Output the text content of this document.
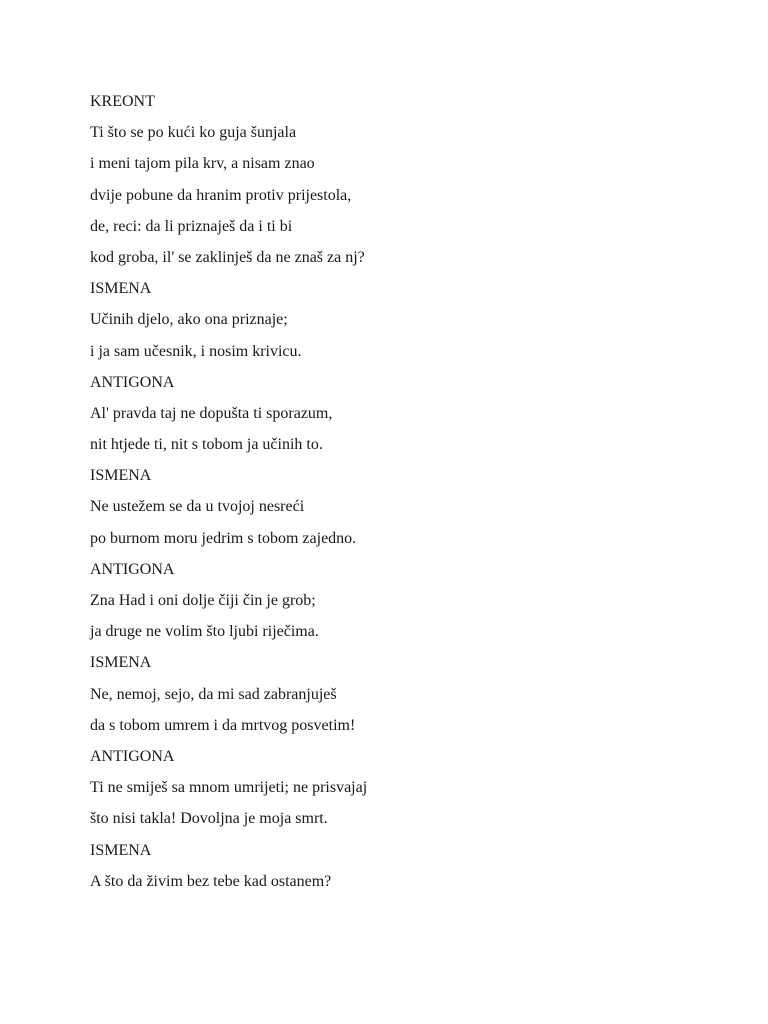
KREONT
Ti što se po kući ko guja šunjala
i meni tajom pila krv, a nisam znao
dvije pobune da hranim protiv prijestola,
de, reci: da li priznaješ da i ti bi
kod groba, il' se zaklinješ da ne znaš za nj?
ISMENA
Učinih djelo, ako ona priznaje;
i ja sam učesnik, i nosim krivicu.
ANTIGONA
Al' pravda taj ne dopušta ti sporazum,
nit htjede ti, nit s tobom ja učinih to.
ISMENA
Ne ustežem se da u tvojoj nesreći
po burnom moru jedrim s tobom zajedno.
ANTIGONA
Zna Had i oni dolje čiji čin je grob;
ja druge ne volim što ljubi riječima.
ISMENA
Ne, nemoj, sejo, da mi sad zabranjuješ
da s tobom umrem i da mrtvog posvetim!
ANTIGONA
Ti ne smiješ sa mnom umrijeti; ne prisvajaj
što nisi takla! Dovoljna je moja smrt.
ISMENA
A što da živim bez tebe kad ostanem?
